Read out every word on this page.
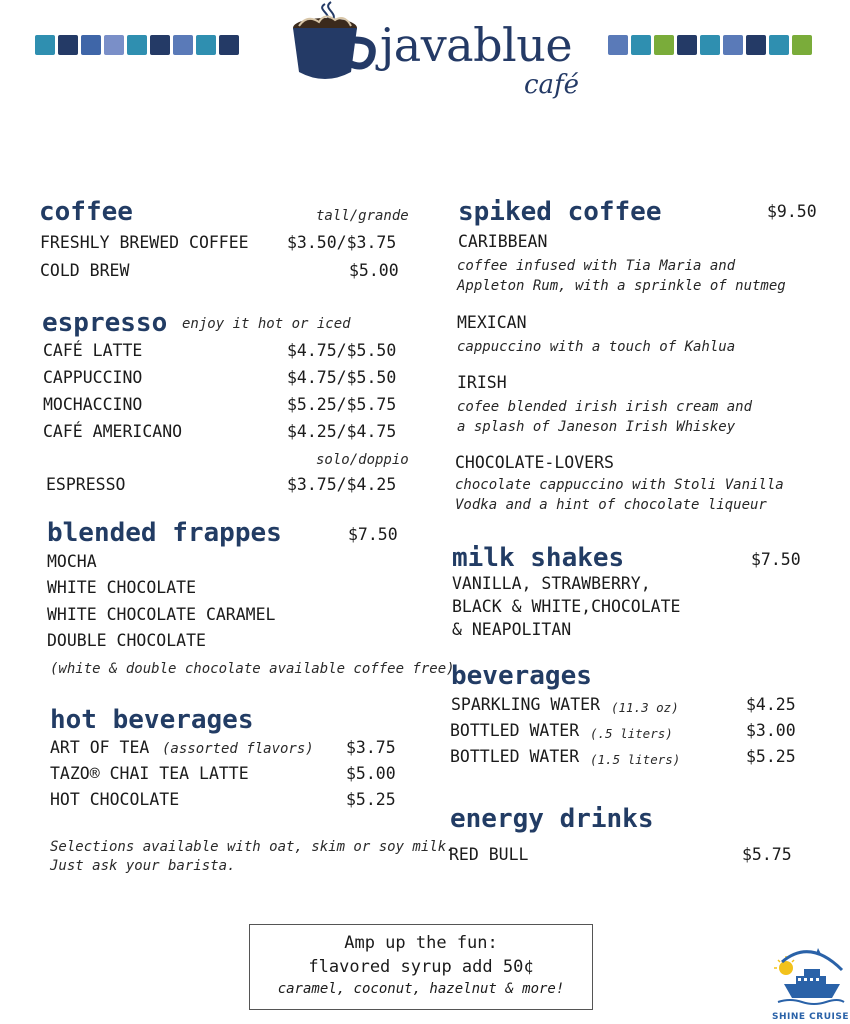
javablue
café
coffee	tall/grande
FRESHLY BREWED COFFEE $3.50/$3.75
COLD BREW	$5.00
espresso enjoy it hot or iced
CAFÉ LATTE	$4.75/$5.50
CAPPUCCINO	$4.75/$5.50
MOCHACCINO	$5.25/$5.75
CAFÉ AMERICANO	$4.25/$4.75
solo/doppio
ESPRESSO	$3.75/$4.25
blended frappes	$7.50
MOCHA
WHITE CHOCOLATE
WHITE CHOCOLATE CARAMEL
DOUBLE CHOCOLATE
(white & double chocolate available coffee free)
hot beverages
ART OF TEA (assorted flavors) $3.75
TAZO® CHAI TEA LATTE	$5.00
HOT CHOCOLATE	$5.25
Selections available with oat, skim or soy milk.
Just ask your barista.
spiked coffee	$9.50
CARIBBEAN
coffee infused with Tia Maria and
Appleton Rum, with a sprinkle of nutmeg
MEXICAN
cappuccino with a touch of Kahlua
IRISH
cofee blended irish irish cream and
a splash of Janeson Irish Whiskey
CHOCOLATE-LOVERS
chocolate cappuccino with Stoli Vanilla
Vodka and a hint of chocolate liqueur
milk shakes	$7.50
VANILLA, STRAWBERRY,
BLACK & WHITE,CHOCOLATE
& NEAPOLITAN
beverages
SPARKLING WATER (11.3 oz)	$4.25
BOTTLED WATER (.5 liters)	$3.00
BOTTLED WATER (1.5 liters)	$5.25
energy drinks
RED BULL	$5.75
Amp up the fun:
flavored syrup add 50¢
caramel, coconut, hazelnut & more!
SHINE CRUISE
